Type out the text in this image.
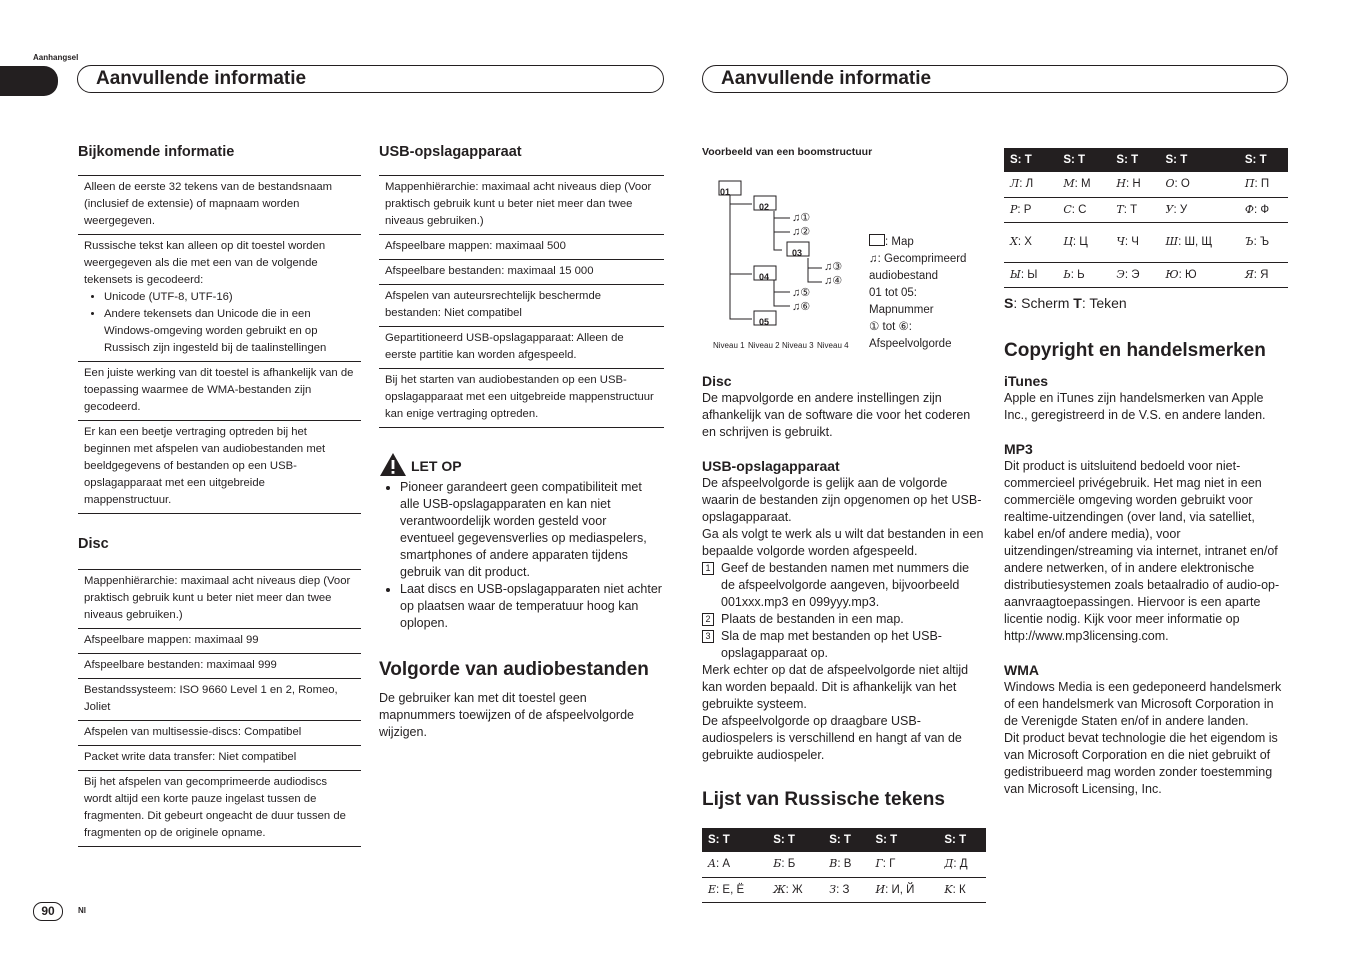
Aanhangsel
Aanvullende informatie	Aanvullende informatie
Bijkomende informatie
Alleen de eerste 32 tekens van de bestandsnaam (inclusief de extensie) of mapnaam worden weergegeven.
Russische tekst kan alleen op dit toestel worden weergegeven als die met een van de volgende tekensets is gecodeerd:
• Unicode (UTF-8, UTF-16)
• Andere tekensets dan Unicode die in een Windows-omgeving worden gebruikt en op Russisch zijn ingesteld bij de taalinstellingen

Een juiste werking van dit toestel is afhankelijk van de toepassing waarmee de WMA-bestanden zijn gecodeerd.
Er kan een beetje vertraging optreden bij het beginnen met afspelen van audiobestanden met beeldgegevens of bestanden op een USB-opslagapparaat met een uitgebreide mappenstructuur.
Disc
Mappenhiërarchie: maximaal acht niveaus diep (Voor praktisch gebruik kunt u beter niet meer dan twee niveaus gebruiken.)
Afspeelbare mappen: maximaal 99
Afspeelbare bestanden: maximaal 999
Bestandssysteem: ISO 9660 Level 1 en 2, Romeo, Joliet
Afspelen van multisessie-discs: Compatibel
Packet write data transfer: Niet compatibel
Bij het afspelen van gecomprimeerde audiodiscs wordt altijd een korte pauze ingelast tussen de fragmenten. Dit gebeurt ongeacht de duur tussen de fragmenten op de originele opname.
USB-opslagapparaat
Mappenhiërarchie: maximaal acht niveaus diep (Voor praktisch gebruik kunt u beter niet meer dan twee niveaus gebruiken.)
Afspeelbare mappen: maximaal 500
Afspeelbare bestanden: maximaal 15 000
Afspelen van auteursrechtelijk beschermde bestanden: Niet compatibel
Gepartitioneerd USB-opslagapparaat: Alleen de eerste partitie kan worden afgespeeld.
Bij het starten van audiobestanden op een USB-opslagapparaat met een uitgebreide mappenstructuur kan enige vertraging optreden.
LET OP
• Pioneer garandeert geen compatibiliteit met alle USB-opslagapparaten en kan niet verantwoordelijk worden gesteld voor eventueel gegevensverlies op mediaspelers, smartphones of andere apparaten tijdens gebruik van dit product.
• Laat discs en USB-opslagapparaten niet achter op plaatsen waar de temperatuur hoog kan oplopen.
Volgorde van audiobestanden

De gebruiker kan met dit toestel geen mapnummers toewijzen of de afspeelvolgorde wijzigen.

Voorbeeld van een boomstructuur
01
02
03
04
05
♫①
♫②
♫③
♫④
♫⑤
♫⑥
Niveau 1 Niveau 2 Niveau 3 Niveau 4
: Map
♫: Gecomprimeerd audiobestand
01 tot 05: Mapnummer
① tot ⑥: Afspeelvolgorde
Disc

De mapvolgorde en andere instellingen zijn afhankelijk van de software die voor het coderen en schrijven is gebruikt.

USB-opslagapparaat

De afspeelvolgorde is gelijk aan de volgorde waarin de bestanden zijn opgenomen op het USB-opslagapparaat.

Ga als volgt te werk als u wilt dat bestanden in een bepaalde volgorde worden afgespeeld.

1 Geef de bestanden namen met nummers die de afspeelvolgorde aangeven, bijvoorbeeld 001xxx.mp3 en 099yyy.mp3.
2 Plaats de bestanden in een map.
3 Sla de map met bestanden op het USB-opslagapparaat op.

Merk echter op dat de afspeelvolgorde niet altijd kan worden bepaald. Dit is afhankelijk van het gebruikte systeem.

De afspeelvolgorde op draagbare USB-audiospelers is verschillend en hangt af van de gebruikte audiospeler.

Lijst van Russische tekens
S: T	S: T	S: T	S: T	S: T
A: А	Б: Б	B: В	Г: Г	Д: Д
E: Е, Ё	Ж: Ж	З: З	И: И, Й	K: К
S: T	S: T	S: T	S: T	S: T
Л: Л	M: М	H: Н	O: О	П: П
P: Р	C: С	T: Т	У: У	Ф: Ф
X: Х	Ц: Ц	Ч: Ч	Ш: Ш, Щ	Ъ: Ъ
Ы: Ы	Ь: Ь	Э: Э	Ю: Ю	Я: Я
S: Scherm T: Teken
Copyright en handelsmerken
iTunes

Apple en iTunes zijn handelsmerken van Apple Inc., geregistreerd in de V.S. en andere landen.

MP3

Dit product is uitsluitend bedoeld voor niet-commercieel privégebruik. Het mag niet in een commerciële omgeving worden gebruikt voor realtime-uitzendingen (over land, via satelliet, kabel en/of andere media), voor uitzendingen/streaming via internet, intranet en/of andere netwerken, of in andere elektronische distributiesystemen zoals betaalradio of audio-op-aanvraagtoepassingen. Hiervoor is een aparte licentie nodig. Kijk voor meer informatie op http://www.mp3licensing.com.

WMA

Windows Media is een gedeponeerd handelsmerk of een handelsmerk van Microsoft Corporation in de Verenigde Staten en/of in andere landen.

Dit product bevat technologie die het eigendom is van Microsoft Corporation en die niet gebruikt of gedistribueerd mag worden zonder toestemming van Microsoft Licensing, Inc.

90	Nl
